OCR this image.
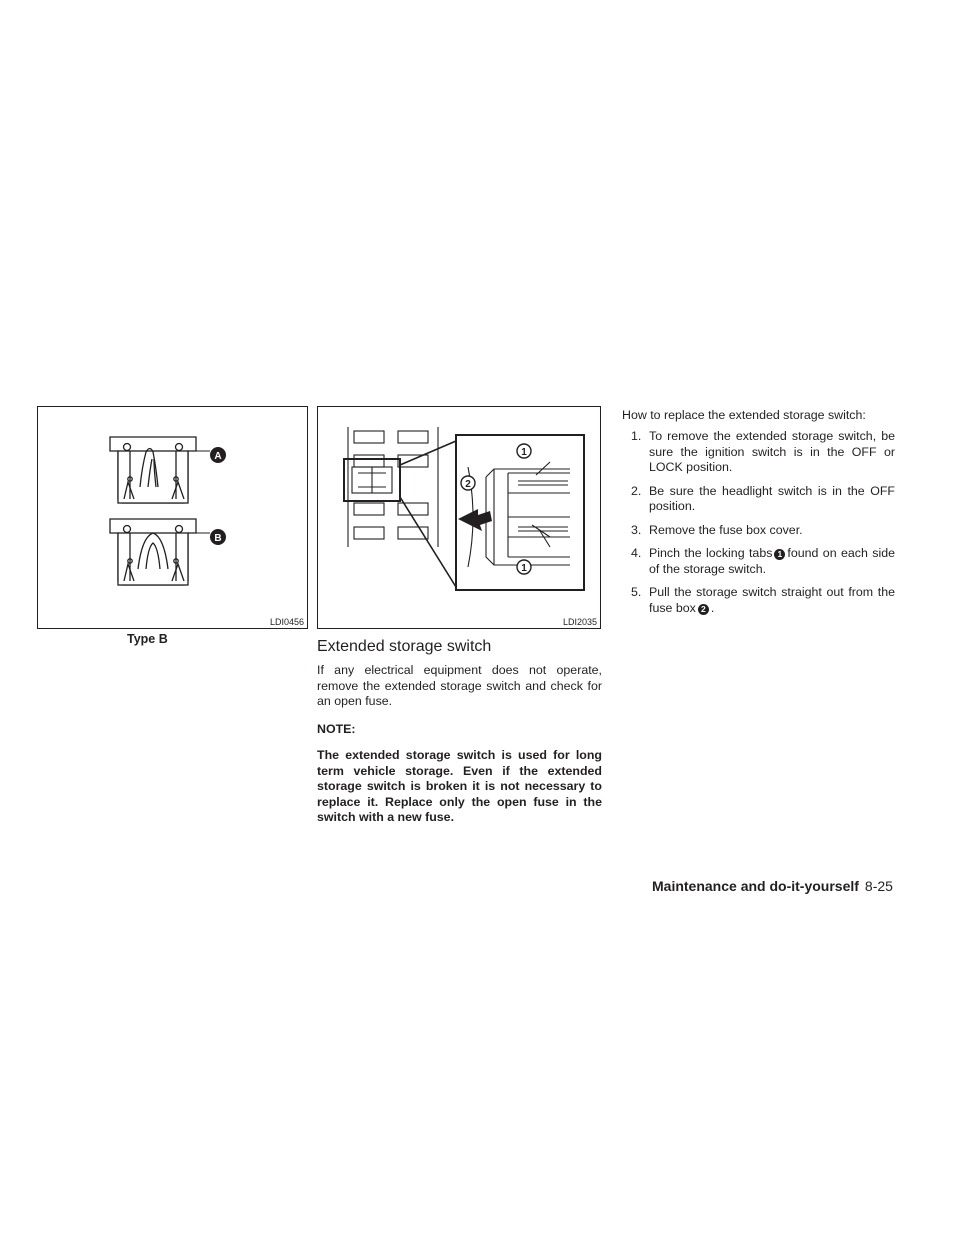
A
B
LDI0456
Type B
1
1
2
LDI2035
Extended storage switch
If any electrical equipment does not operate, remove the extended storage switch and check for an open fuse.
NOTE:
The extended storage switch is used for long term vehicle storage. Even if the extended storage switch is broken it is not necessary to replace it. Replace only the open fuse in the switch with a new fuse.
How to replace the extended storage switch:
1. To remove the extended storage switch, be sure the ignition switch is in the OFF or LOCK position.
2. Be sure the headlight switch is in the OFF position.
3. Remove the fuse box cover.
4. Pinch the locking tabs 1 found on each side of the storage switch.
5. Pull the storage switch straight out from the fuse box 2 .
Maintenance and do-it-yourself 8-25
